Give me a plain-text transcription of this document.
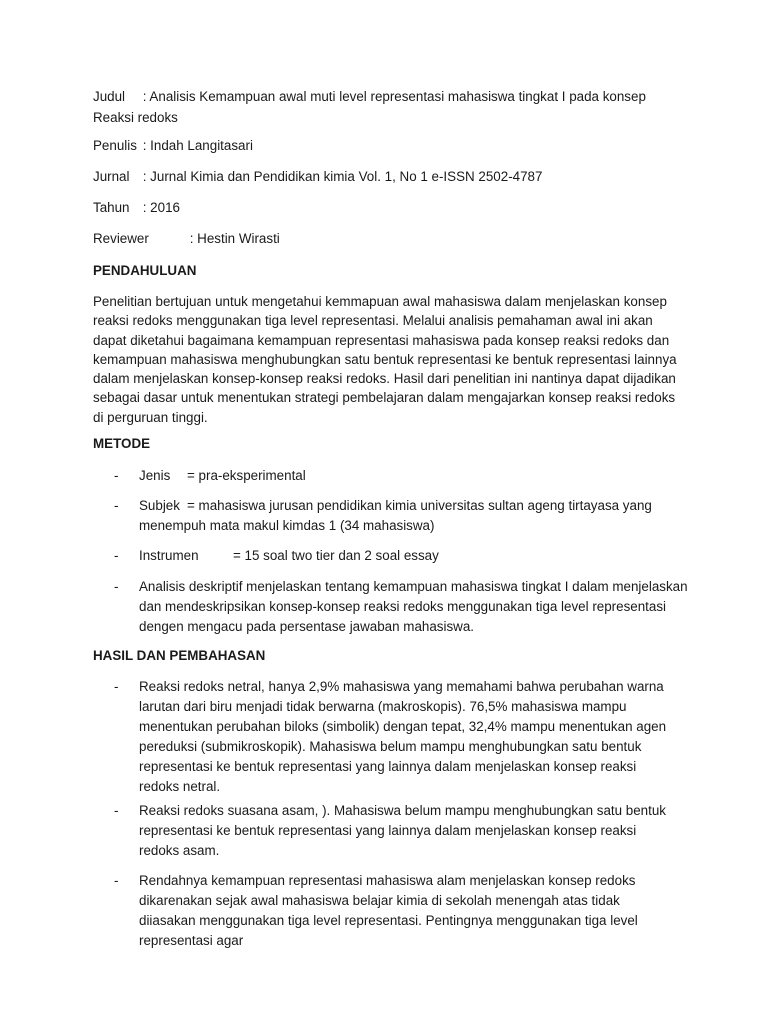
Judul : Analisis Kemampuan awal muti level representasi mahasiswa tingkat I pada konsep Reaksi redoks
Penulis : Indah Langitasari
Jurnal : Jurnal Kimia dan Pendidikan kimia Vol. 1, No 1 e-ISSN 2502-4787
Tahun : 2016
Reviewer	: Hestin Wirasti
PENDAHULUAN

Penelitian bertujuan untuk mengetahui kemmapuan awal mahasiswa dalam menjelaskan konsep reaksi redoks menggunakan tiga level representasi. Melalui analisis pemahaman awal ini akan dapat diketahui bagaimana kemampuan representasi mahasiswa pada konsep reaksi redoks dan kemampuan mahasiswa menghubungkan satu bentuk representasi ke bentuk representasi lainnya dalam menjelaskan konsep-konsep reaksi redoks. Hasil dari penelitian ini nantinya dapat dijadikan sebagai dasar untuk menentukan strategi pembelajaran dalam mengajarkan konsep reaksi redoks di perguruan tinggi.

METODE
- Jenis = pra-eksperimental
- Subjek = mahasiswa jurusan pendidikan kimia universitas sultan ageng tirtayasa yang menempuh mata makul kimdas 1 (34 mahasiswa)
- Instrumen	= 15 soal two tier dan 2 soal essay
- Analisis deskriptif menjelaskan tentang kemampuan mahasiswa tingkat I dalam menjelaskan dan mendeskripsikan konsep-konsep reaksi redoks menggunakan tiga level representasi dengen mengacu pada persentase jawaban mahasiswa.
HASIL DAN PEMBAHASAN
- Reaksi redoks netral, hanya 2,9% mahasiswa yang memahami bahwa perubahan warna larutan dari biru menjadi tidak berwarna (makroskopis). 76,5% mahasiswa mampu menentukan perubahan biloks (simbolik) dengan tepat, 32,4% mampu menentukan agen pereduksi (submikroskopik). Mahasiswa belum mampu menghubungkan satu bentuk representasi ke bentuk representasi yang lainnya dalam menjelaskan konsep reaksi redoks netral.
- Reaksi redoks suasana asam, ). Mahasiswa belum mampu menghubungkan satu bentuk representasi ke bentuk representasi yang lainnya dalam menjelaskan konsep reaksi redoks asam.
- Rendahnya kemampuan representasi mahasiswa alam menjelaskan konsep redoks dikarenakan sejak awal mahasiswa belajar kimia di sekolah menengah atas tidak diiasakan menggunakan tiga level representasi. Pentingnya menggunakan tiga level representasi agar
